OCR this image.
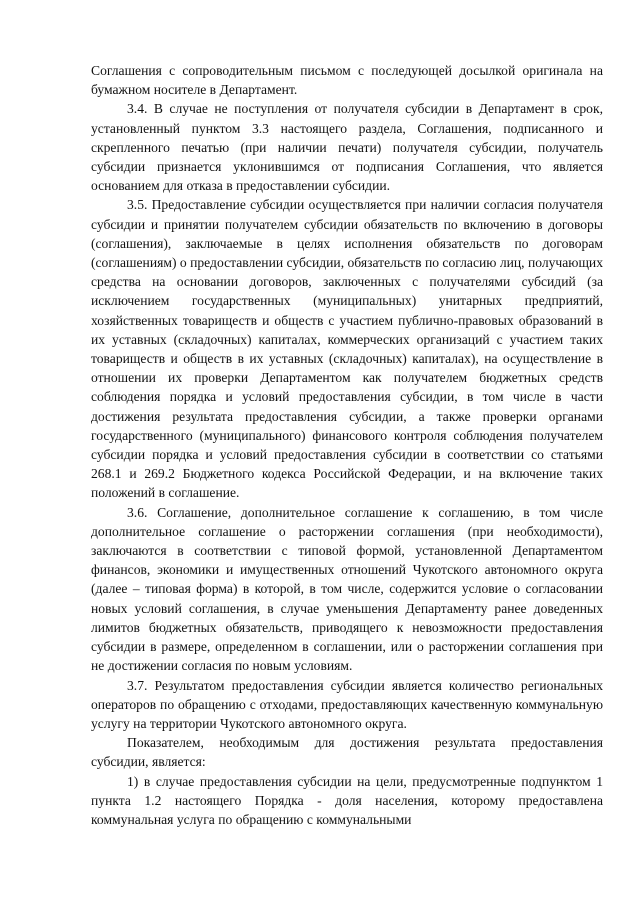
Соглашения с сопроводительным письмом с последующей досылкой оригинала на бумажном носителе в Департамент.

3.4. В случае не поступления от получателя субсидии в Департамент в срок, установленный пунктом 3.3 настоящего раздела, Соглашения, подписанного и скрепленного печатью (при наличии печати) получателя субсидии, получатель субсидии признается уклонившимся от подписания Соглашения, что является основанием для отказа в предоставлении субсидии.

3.5. Предоставление субсидии осуществляется при наличии согласия получателя субсидии и принятии получателем субсидии обязательств по включению в договоры (соглашения), заключаемые в целях исполнения обязательств по договорам (соглашениям) о предоставлении субсидии, обязательств по согласию лиц, получающих средства на основании договоров, заключенных с получателями субсидий (за исключением государственных (муниципальных) унитарных предприятий, хозяйственных товариществ и обществ с участием публично-правовых образований в их уставных (складочных) капиталах, коммерческих организаций с участием таких товариществ и обществ в их уставных (складочных) капиталах), на осуществление в отношении их проверки Департаментом как получателем бюджетных средств соблюдения порядка и условий предоставления субсидии, в том числе в части достижения результата предоставления субсидии, а также проверки органами государственного (муниципального) финансового контроля соблюдения получателем субсидии порядка и условий предоставления субсидии в соответствии со статьями 268.1 и 269.2 Бюджетного кодекса Российской Федерации, и на включение таких положений в соглашение.

3.6. Соглашение, дополнительное соглашение к соглашению, в том числе дополнительное соглашение о расторжении соглашения (при необходимости), заключаются в соответствии с типовой формой, установленной Департаментом финансов, экономики и имущественных отношений Чукотского автономного округа (далее – типовая форма) в которой, в том числе, содержится условие о согласовании новых условий соглашения, в случае уменьшения Департаменту ранее доведенных лимитов бюджетных обязательств, приводящего к невозможности предоставления субсидии в размере, определенном в соглашении, или о расторжении соглашения при не достижении согласия по новым условиям.

3.7. Результатом предоставления субсидии является количество региональных операторов по обращению с отходами, предоставляющих качественную коммунальную услугу на территории Чукотского автономного округа.

Показателем, необходимым для достижения результата предоставления субсидии, является:

1) в случае предоставления субсидии на цели, предусмотренные подпунктом 1 пункта 1.2 настоящего Порядка - доля населения, которому предоставлена коммунальная услуга по обращению с коммунальными
